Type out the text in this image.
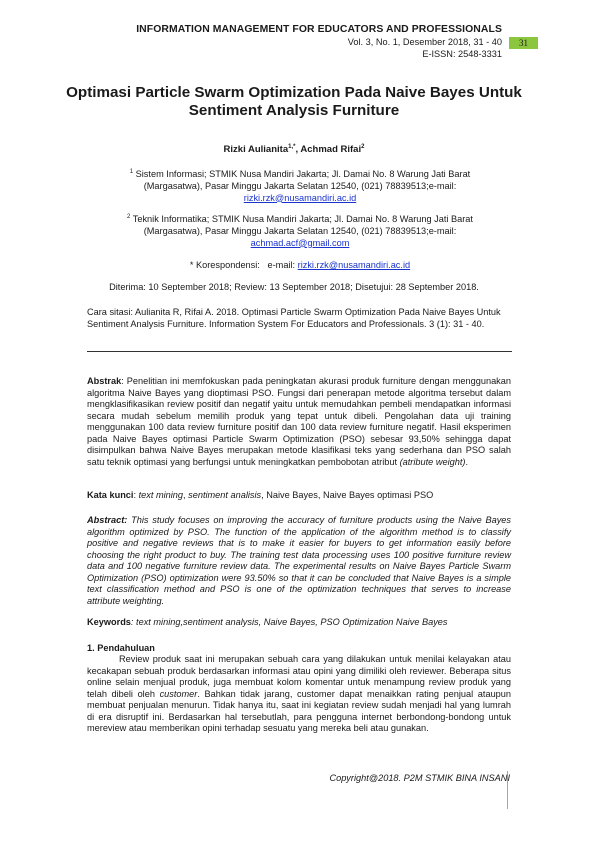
INFORMATION MANAGEMENT FOR EDUCATORS AND PROFESSIONALS
Vol. 3, No. 1, Desember 2018, 31 - 40
E-ISSN: 2548-3331
31
Optimasi Particle Swarm Optimization Pada Naive Bayes Untuk Sentiment Analysis Furniture
Rizki Aulianita$^{1,*}$, Achmad Rifai$^2$
$^1$ Sistem Informasi; STMIK Nusa Mandiri Jakarta; Jl. Damai No. 8 Warung Jati Barat (Margasatwa), Pasar Minggu Jakarta Selatan 12540, (021) 78839513;e-mail:
rizki.rzk@nusamandiri.ac.id
$^2$ Teknik Informatika; STMIK Nusa Mandiri Jakarta; Jl. Damai No. 8 Warung Jati Barat (Margasatwa), Pasar Minggu Jakarta Selatan 12540, (021) 78839513;e-mail:
achmad.acf@gmail.com
* Korespondensi:   e-mail: rizki.rzk@nusamandiri.ac.id
Diterima: 10 September 2018; Review: 13 September 2018; Disetujui: 28 September 2018.
Cara sitasi: Aulianita R, Rifai A. 2018. Optimasi Particle Swarm Optimization Pada Naive Bayes Untuk Sentiment Analysis Furniture. Information System For Educators and Professionals. 3 (1): 31 - 40.
Abstrak: Penelitian ini memfokuskan pada peningkatan akurasi produk furniture dengan menggunakan algoritma Naive Bayes yang dioptimasi PSO. Fungsi dari penerapan metode algoritma tersebut dalam mengklasifikasikan review positif dan negatif yaitu untuk memudahkan pembeli mendapatkan informasi secara mudah sebelum memilih produk yang tepat untuk dibeli. Pengolahan data uji training menggunakan 100 data review furniture positif dan 100 data review furniture negatif. Hasil eksperimen pada Naive Bayes optimasi Particle Swarm Optimization (PSO) sebesar 93,50% sehingga dapat disimpulkan bahwa Naive Bayes merupakan metode klasifikasi teks yang sederhana dan PSO salah satu teknik optimasi yang berfungsi untuk meningkatkan pembobotan atribut (atribute weight).
Kata kunci: text mining, sentiment analisis, Naive Bayes, Naive Bayes optimasi PSO
Abstract: This study focuses on improving the accuracy of furniture products using the Naive Bayes algorithm optimized by PSO. The function of the application of the algorithm method is to classify positive and negative reviews that is to make it easier for buyers to get information easily before choosing the right product to buy. The training test data processing uses 100 positive furniture review data and 100 negative furniture review data. The experimental results on Naive Bayes Particle Swarm Optimization (PSO) optimization were 93.50% so that it can be concluded that Naive Bayes is a simple text classification method and PSO is one of the optimization techniques that serves to increase attribute weighting.
Keywords: text mining,sentiment analysis, Naive Bayes, PSO Optimization Naive Bayes
1. Pendahuluan
Review produk saat ini merupakan sebuah cara yang dilakukan untuk menilai kelayakan atau kecakapan sebuah produk berdasarkan informasi atau opini yang dimiliki oleh reviewer. Beberapa situs online selain menjual produk, juga membuat kolom komentar untuk menampung review produk yang telah dibeli oleh customer. Bahkan tidak jarang, customer dapat menaikkan rating penjual ataupun membuat penjualan menurun. Tidak hanya itu, saat ini kegiatan review sudah menjadi hal yang lumrah di era disruptif ini. Berdasarkan hal tersebutlah, para pengguna internet berbondong-bondong untuk mereview atau memberikan opini terhadap sesuatu yang mereka beli atau gunakan.
Copyright@2018. P2M STMIK BINA INSANI
